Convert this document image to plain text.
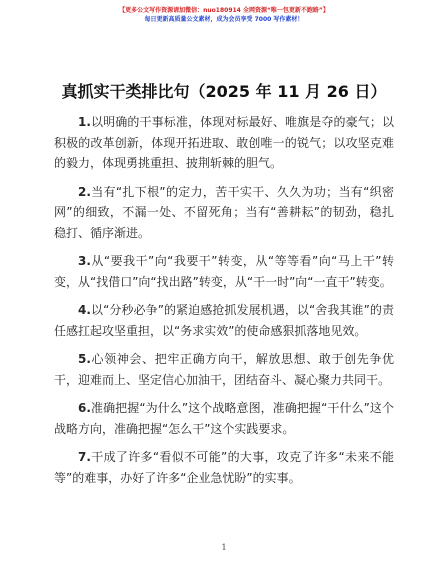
【更多公文写作资源请加微信：nuo180914 全网资源“唯一包更新不跑路”】
每日更新高质量公文素材，成为会员享受 7000 写作素材！
真抓实干类排比句（2025 年 11 月 26 日）

1.以明确的干事标准，体现对标最好、唯旗是夺的豪气；以积极的改革创新，体现开拓进取、敢创唯一的锐气；以攻坚克难的毅力，体现勇挑重担、披荆斩棘的胆气。

2.当有“扎下根”的定力，苦干实干、久久为功；当有“织密网”的细致，不漏一处、不留死角；当有“善耕耘”的韧劲，稳扎稳打、循序渐进。

3.从“要我干”向“我要干”转变，从“等等看”向“马上干”转变，从“找借口”向“找出路”转变，从“干一时”向“一直干”转变。

4.以“分秒必争”的紧迫感抢抓发展机遇，以“舍我其谁”的责任感扛起攻坚重担，以“务求实效”的使命感狠抓落地见效。

5.心领神会、把牢正确方向干，解放思想、敢于创先争优干，迎难而上、坚定信心加油干，团结奋斗、凝心聚力共同干。

6.准确把握“为什么”这个战略意图，准确把握“干什么”这个战略方向，准确把握“怎么干”这个实践要求。

7.干成了许多“看似不可能”的大事，攻克了许多“未来不能等”的难事，办好了许多“企业急忧盼”的实事。

1
